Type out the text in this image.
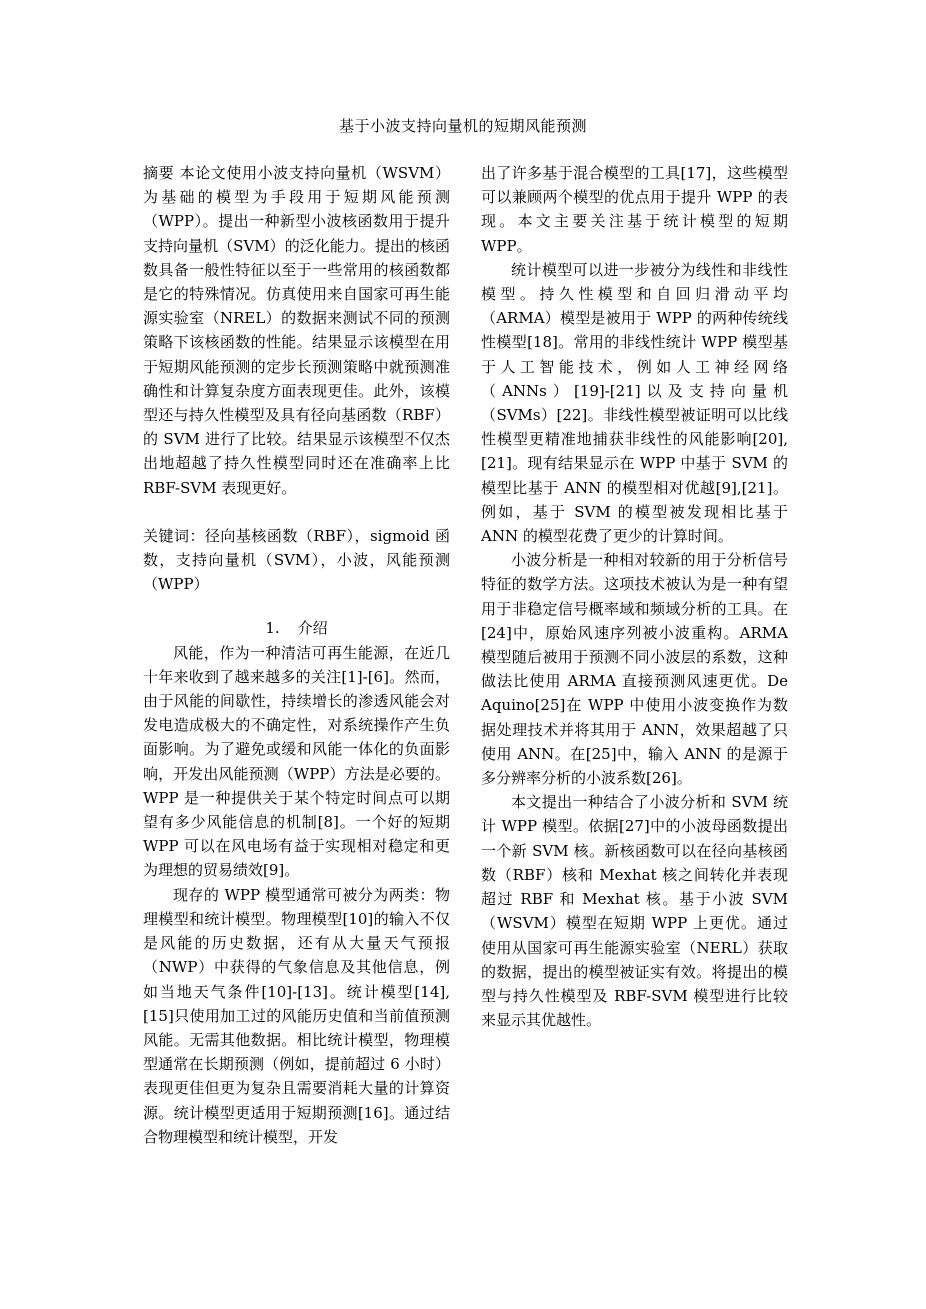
基于小波支持向量机的短期风能预测

摘要 本论文使用小波支持向量机（WSVM）为基础的模型为手段用于短期风能预测（WPP）。提出一种新型小波核函数用于提升支持向量机（SVM）的泛化能力。提出的核函数具备一般性特征以至于一些常用的核函数都是它的特殊情况。仿真使用来自国家可再生能源实验室（NREL）的数据来测试不同的预测策略下该核函数的性能。结果显示该模型在用于短期风能预测的定步长预测策略中就预测准确性和计算复杂度方面表现更佳。此外，该模型还与持久性模型及具有径向基函数（RBF）的 SVM 进行了比较。结果显示该模型不仅杰出地超越了持久性模型同时还在准确率上比 RBF-SVM 表现更好。

关键词：径向基核函数（RBF），sigmoid 函数，支持向量机（SVM），小波，风能预测（WPP）

1. 介绍

风能，作为一种清洁可再生能源，在近几十年来收到了越来越多的关注[1]-[6]。然而，由于风能的间歇性，持续增长的渗透风能会对发电造成极大的不确定性，对系统操作产生负面影响。为了避免或缓和风能一体化的负面影响，开发出风能预测（WPP）方法是必要的。WPP 是一种提供关于某个特定时间点可以期望有多少风能信息的机制[8]。一个好的短期 WPP 可以在风电场有益于实现相对稳定和更为理想的贸易绩效[9]。

现存的 WPP 模型通常可被分为两类：物理模型和统计模型。物理模型[10]的输入不仅是风能的历史数据，还有从大量天气预报（NWP）中获得的气象信息及其他信息，例如当地天气条件[10]-[13]。统计模型[14],[15]只使用加工过的风能历史值和当前值预测风能。无需其他数据。相比统计模型，物理模型通常在长期预测（例如，提前超过 6 小时）表现更佳但更为复杂且需要消耗大量的计算资源。统计模型更适用于短期预测[16]。通过结合物理模型和统计模型，开发

出了许多基于混合模型的工具[17]，这些模型可以兼顾两个模型的优点用于提升 WPP 的表现。本文主要关注基于统计模型的短期 WPP。

统计模型可以进一步被分为线性和非线性模型。持久性模型和自回归滑动平均（ARMA）模型是被用于 WPP 的两种传统线性模型[18]。常用的非线性统计 WPP 模型基于人工智能技术，例如人工神经网络（ANNs）[19]-[21]以及支持向量机（SVMs）[22]。非线性模型被证明可以比线性模型更精准地捕获非线性的风能影响[20],[21]。现有结果显示在 WPP 中基于 SVM 的模型比基于 ANN 的模型相对优越[9],[21]。例如，基于 SVM 的模型被发现相比基于 ANN 的模型花费了更少的计算时间。

小波分析是一种相对较新的用于分析信号特征的数学方法。这项技术被认为是一种有望用于非稳定信号概率域和频域分析的工具。在[24]中，原始风速序列被小波重构。ARMA 模型随后被用于预测不同小波层的系数，这种做法比使用 ARMA 直接预测风速更优。De Aquino[25]在 WPP 中使用小波变换作为数据处理技术并将其用于 ANN，效果超越了只使用 ANN。在[25]中，输入 ANN 的是源于多分辨率分析的小波系数[26]。

本文提出一种结合了小波分析和 SVM 统计 WPP 模型。依据[27]中的小波母函数提出一个新 SVM 核。新核函数可以在径向基核函数（RBF）核和 Mexhat 核之间转化并表现超过 RBF 和 Mexhat 核。基于小波 SVM（WSVM）模型在短期 WPP 上更优。通过使用从国家可再生能源实验室（NERL）获取的数据，提出的模型被证实有效。将提出的模型与持久性模型及 RBF-SVM 模型进行比较来显示其优越性。
